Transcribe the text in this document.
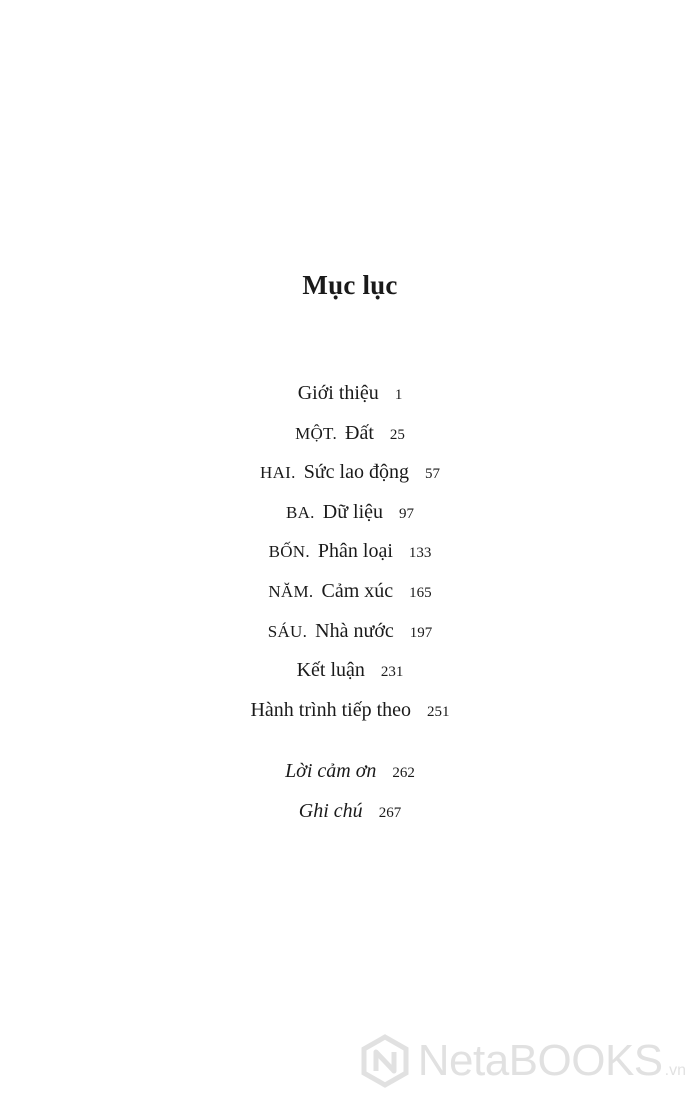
Mục lục
Giới thiệu 1
MỘT. Đất 25
HAI. Sức lao động 57
BA. Dữ liệu 97
BỐN. Phân loại 133
NĂM. Cảm xúc 165
SÁU. Nhà nước 197
Kết luận 231
Hành trình tiếp theo 251
Lời cảm ơn 262
Ghi chú 267
NetaBOOKS .vn
